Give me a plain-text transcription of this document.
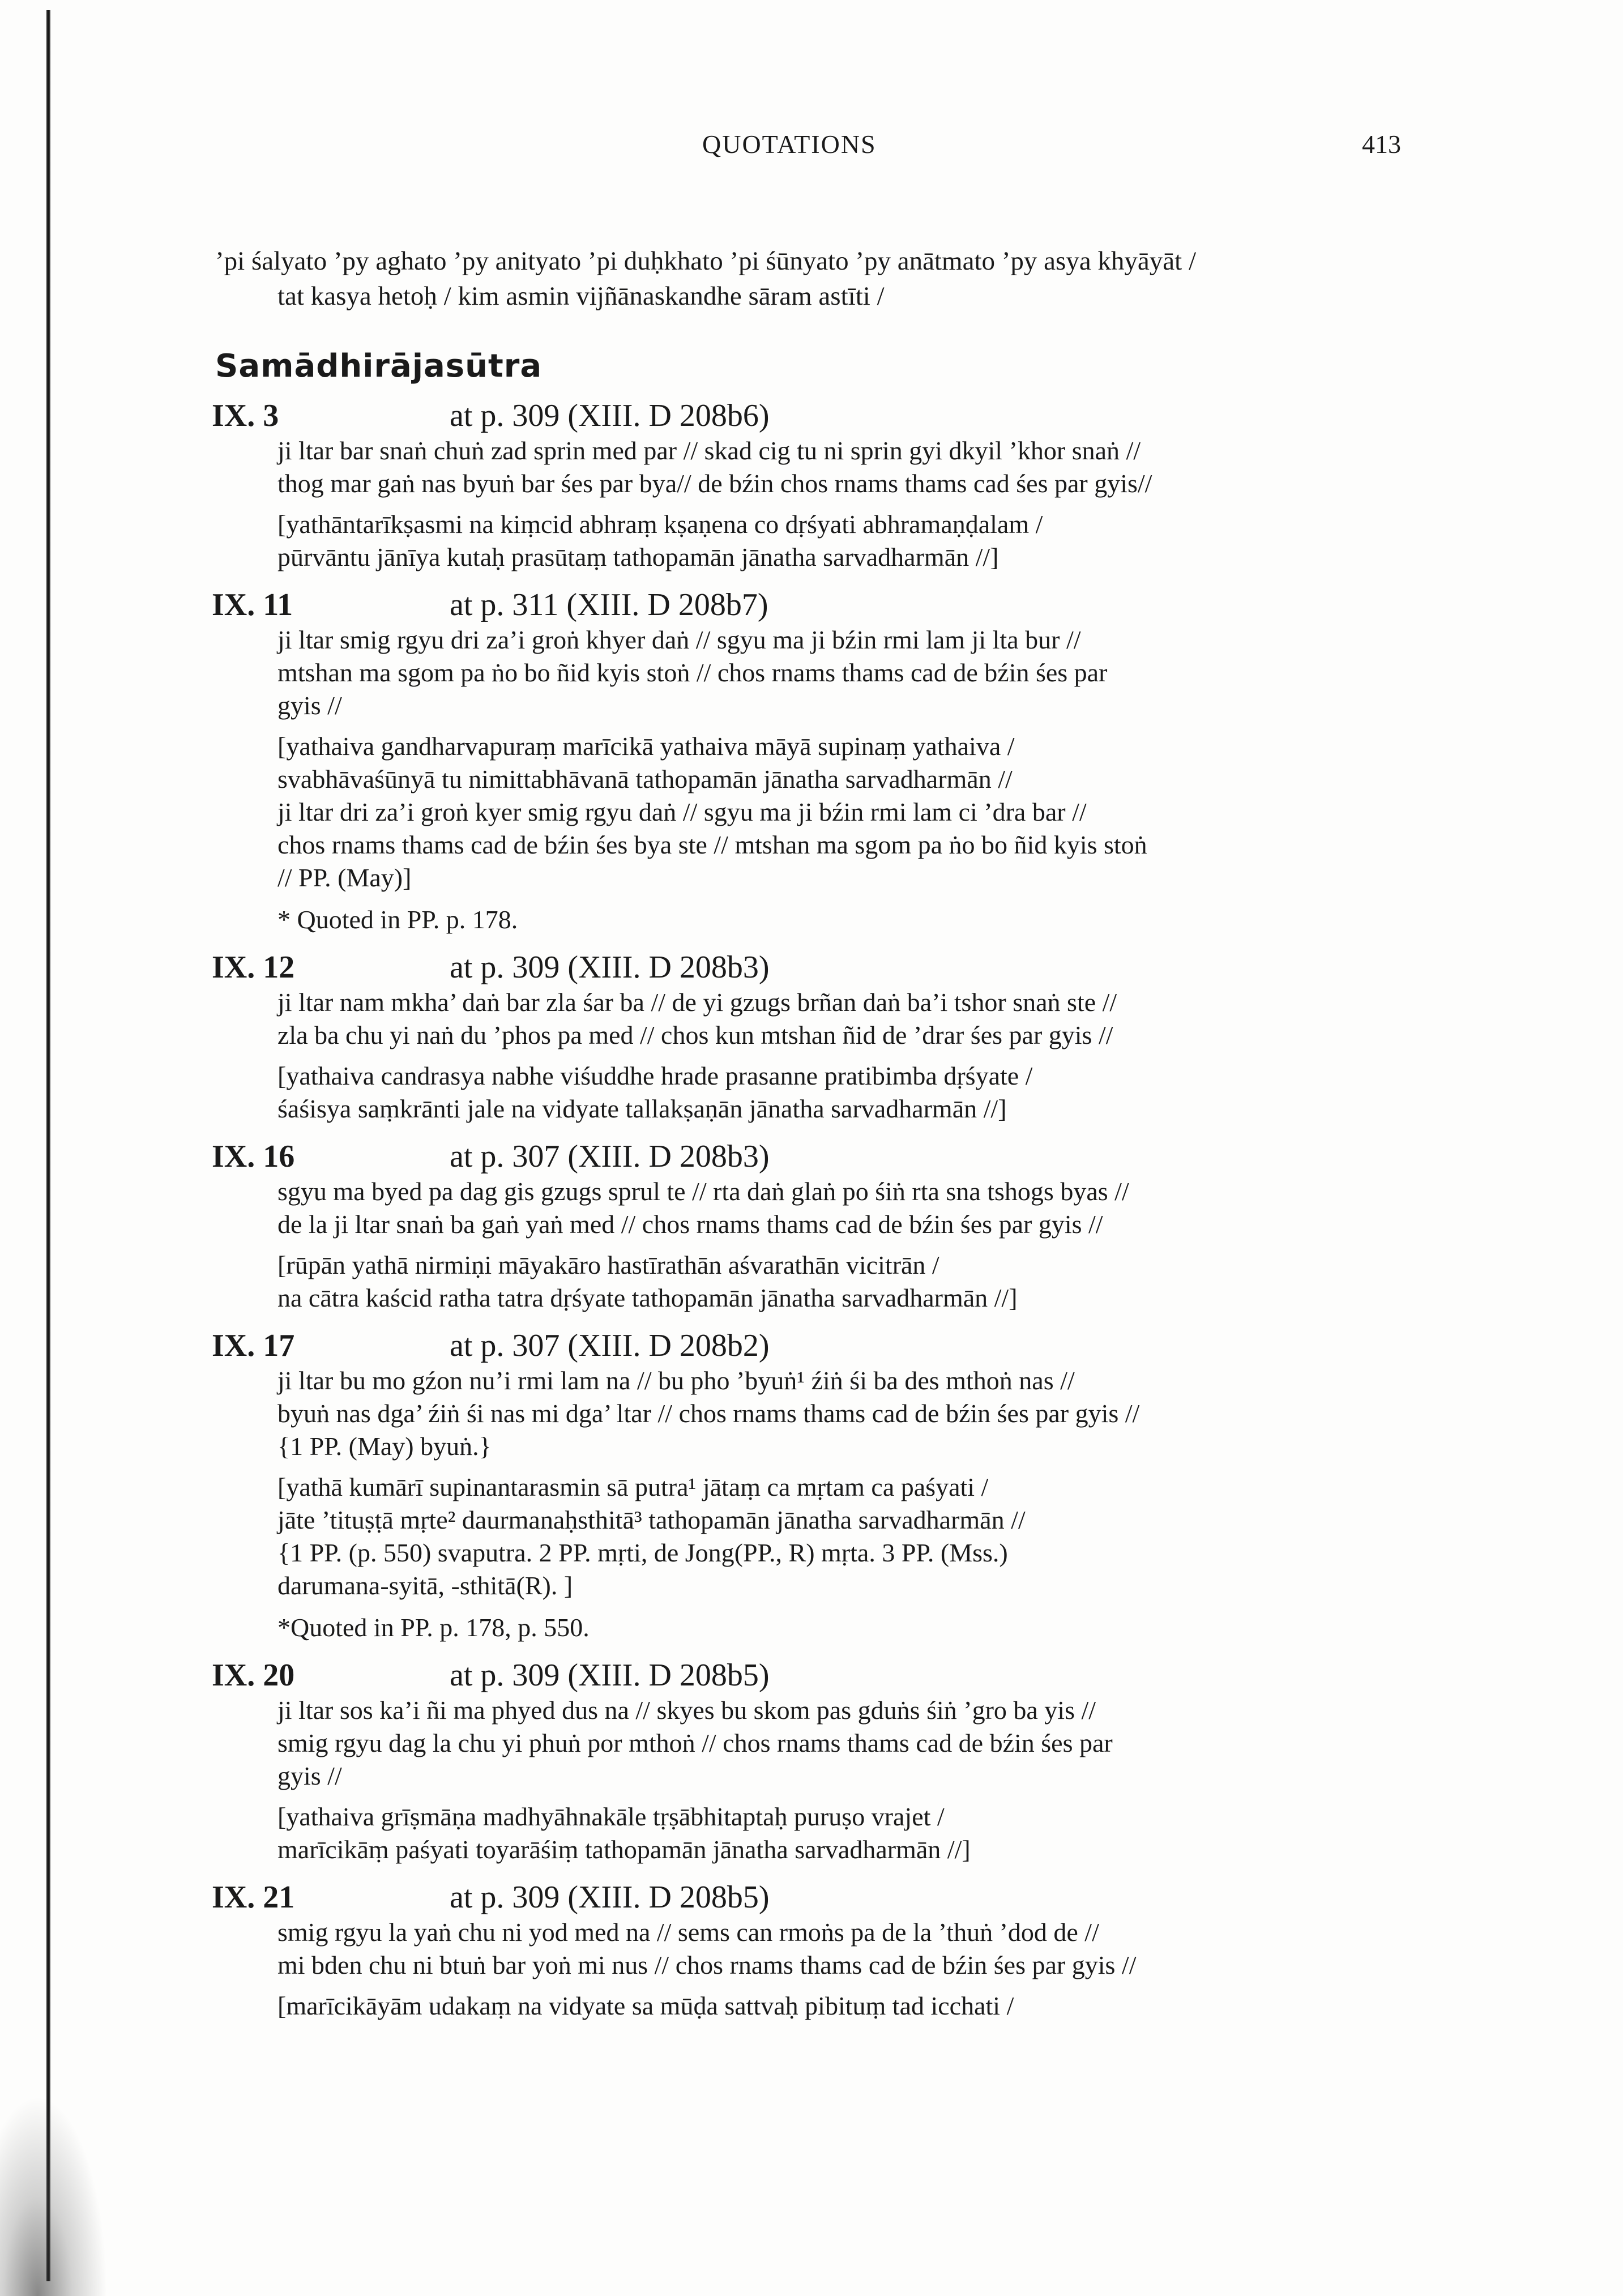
QUOTATIONS	413

’pi śalyato ’py aghato ’py anityato ’pi duḥkhato ’pi śūnyato ’py anātmato ’py asya khyāyāt /

tat kasya hetoḥ / kim asmin vijñānaskandhe sāram astīti /

Samādhirājasūtra
IX. 3	at p. 309 (XIII. D 208b6)
ji ltar bar snaṅ chuṅ zad sprin med par // skad cig tu ni sprin gyi dkyil ’khor snaṅ //
thog mar gaṅ nas byuṅ bar śes par bya// de bźin chos rnams thams cad śes par gyis//
[yathāntarīkṣasmi na kiṃcid abhraṃ kṣaṇena co dṛśyati abhramaṇḍalam /
pūrvāntu jānīya kutaḥ prasūtaṃ tathopamān jānatha sarvadharmān //]
IX. 11	at p. 311 (XIII. D 208b7)
ji ltar smig rgyu dri za’i groṅ khyer daṅ // sgyu ma ji bźin rmi lam ji lta bur //
mtshan ma sgom pa ṅo bo ñid kyis stoṅ // chos rnams thams cad de bźin śes par
gyis //
[yathaiva gandharvapuraṃ marīcikā yathaiva māyā supinaṃ yathaiva /
svabhāvaśūnyā tu nimittabhāvanā tathopamān jānatha sarvadharmān //
ji ltar dri za’i groṅ kyer smig rgyu daṅ // sgyu ma ji bźin rmi lam ci ’dra bar //
chos rnams thams cad de bźin śes bya ste // mtshan ma sgom pa ṅo bo ñid kyis stoṅ
// PP. (May)]
* Quoted in PP. p. 178.
IX. 12	at p. 309 (XIII. D 208b3)
ji ltar nam mkha’ daṅ bar zla śar ba // de yi gzugs brñan daṅ ba’i tshor snaṅ ste //
zla ba chu yi naṅ du ’phos pa med // chos kun mtshan ñid de ’drar śes par gyis //
[yathaiva candrasya nabhe viśuddhe hrade prasanne pratibimba dṛśyate /
śaśisya saṃkrānti jale na vidyate tallakṣaṇān jānatha sarvadharmān //]
IX. 16	at p. 307 (XIII. D 208b3)
sgyu ma byed pa dag gis gzugs sprul te // rta daṅ glaṅ po śiṅ rta sna tshogs byas //
de la ji ltar snaṅ ba gaṅ yaṅ med // chos rnams thams cad de bźin śes par gyis //
[rūpān yathā nirmiṇi māyakāro hastīrathān aśvarathān vicitrān /
na cātra kaścid ratha tatra dṛśyate tathopamān jānatha sarvadharmān //]
IX. 17	at p. 307 (XIII. D 208b2)
ji ltar bu mo gźon nu’i rmi lam na // bu pho ’byuṅ¹ źiṅ śi ba des mthoṅ nas //
byuṅ nas dga’ źiṅ śi nas mi dga’ ltar // chos rnams thams cad de bźin śes par gyis //
{1 PP. (May) byuṅ.}
[yathā kumārī supinantarasmin sā putra¹ jātaṃ ca mṛtam ca paśyati /
jāte ’tituṣṭā mṛte² daurmanaḥsthitā³ tathopamān jānatha sarvadharmān //
{1 PP. (p. 550) svaputra. 2 PP. mṛti, de Jong(PP., R) mṛta. 3 PP. (Mss.)
darumana-syitā, -sthitā(R). ]
*Quoted in PP. p. 178, p. 550.
IX. 20	at p. 309 (XIII. D 208b5)
ji ltar sos ka’i ñi ma phyed dus na // skyes bu skom pas gduṅs śiṅ ’gro ba yis //
smig rgyu dag la chu yi phuṅ por mthoṅ // chos rnams thams cad de bźin śes par
gyis //
[yathaiva grīṣmāṇa madhyāhnakāle tṛṣābhitaptaḥ puruṣo vrajet /
marīcikāṃ paśyati toyarāśiṃ tathopamān jānatha sarvadharmān //]
IX. 21	at p. 309 (XIII. D 208b5)
smig rgyu la yaṅ chu ni yod med na // sems can rmoṅs pa de la ’thuṅ ’dod de //
mi bden chu ni btuṅ bar yoṅ mi nus // chos rnams thams cad de bźin śes par gyis //
[marīcikāyām udakaṃ na vidyate sa mūḍa sattvaḥ pibituṃ tad icchati /
